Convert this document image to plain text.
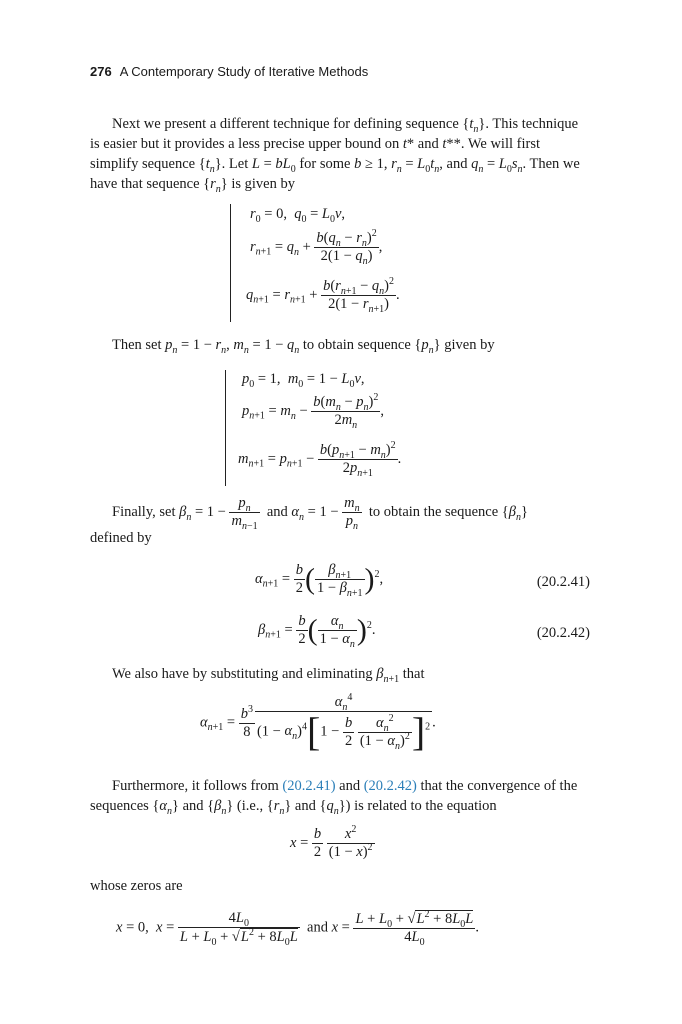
276 A Contemporary Study of Iterative Methods
Next we present a different technique for defining sequence $\{t_n\}$. This technique is easier but it provides a less precise upper bound on t* and t**. We will first simplify sequence $\{t_n\}$. Let $L = bL_0$ for some b ≥ 1, $r_n = L_0t_n$, and $q_n = L_0s_n$. Then we have that sequence $\{r_n\}$ is given by
$r_0 = 0$,  $q_0 = L_0v$,
$r_{n+1} = q_n + \frac{b(q_n - r_n)^2}{2(1 - q_n)}$ ,
$q_{n+1} = r_{n+1} + \frac{b(r_{n+1} - q_n)^2}{2(1 - r_{n+1})}$ .
Then set $p_n = 1 - r_n$, $m_n = 1 - q_n$ to obtain sequence $\{p_n\}$ given by
$p_0 = 1$,  $m_0 = 1 - L_0v$,
$p_{n+1} = m_n - \frac{b(m_n - p_n)^2}{2m_n}$ ,
$m_{n+1} = p_{n+1} - \frac{b(p_{n+1} - m_n)^2}{2p_{n+1}}$ .
Finally, set $\beta_n = 1 - \frac{p_n}{m_{n-1}}$ and $\alpha_n = 1 - \frac{m_n}{p_n}$ to obtain the sequence $\{\beta_n\}$
defined by
$\alpha_{n+1} = \frac{b}{2}$ ( $\frac{\beta_{n+1}}{1 - \beta_{n+1}} )^2$,	(20.2.41)
$\beta_{n+1} = \frac{b}{2}$ ( $\frac{\alpha_n}{1 - \alpha_n} )^2$.	(20.2.42)
We also have by substituting and eliminating $\beta_{n+1}$ that
$\alpha_{n+1} = \frac{b^3}{8} \alpha_n^4$
$(1 - \alpha_n)^4[1 - \frac{b}{2}$
$\frac{\alpha_n^2}{(1 - \alpha_n)^2} ]^2$ .
Furthermore, it follows from (20.2.41) and (20.2.42) that the convergence of the sequences $\{\alpha_n\}$ and $\{\beta_n\}$ (i.e., $\{r_n\}$ and $\{q_n\}$) is related to the equation
$x = \frac{b}{2}$
$\frac{x^2}{(1 - x)^2}$
whose zeros are
x = 0,  $x = \frac{4L_0}{L + L_0 + √L^2 + 8L_0L}$ and $x = \frac{L + L_0 + √L^2 + 8L_0L}{4L_0}$ .
